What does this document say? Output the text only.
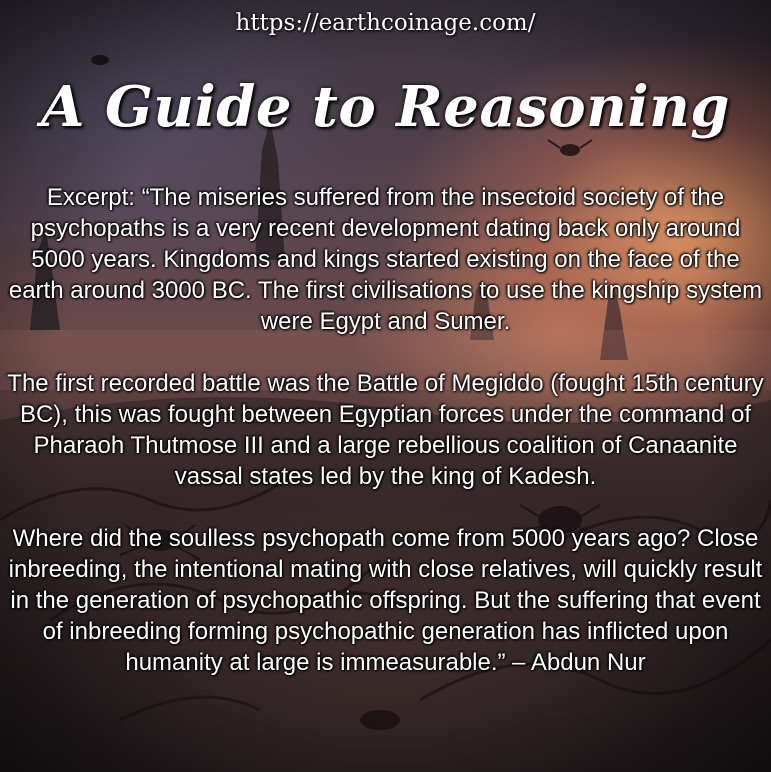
https://earthcoinage.com/
A Guide to Reasoning

Excerpt: “The miseries suffered from the insectoid society of the psychopaths is a very recent development dating back only around 5000 years. Kingdoms and kings started existing on the face of the earth around 3000 BC. The first civilisations to use the kingship system were Egypt and Sumer.

The first recorded battle was the Battle of Megiddo (fought 15th century BC), this was fought between Egyptian forces under the command of Pharaoh Thutmose III and a large rebellious coalition of Canaanite vassal states led by the king of Kadesh.

Where did the soulless psychopath come from 5000 years ago? Close inbreeding, the intentional mating with close relatives, will quickly result in the generation of psychopathic offspring. But the suffering that event of inbreeding forming psychopathic generation has inflicted upon humanity at large is immeasurable.” – Abdun Nur
